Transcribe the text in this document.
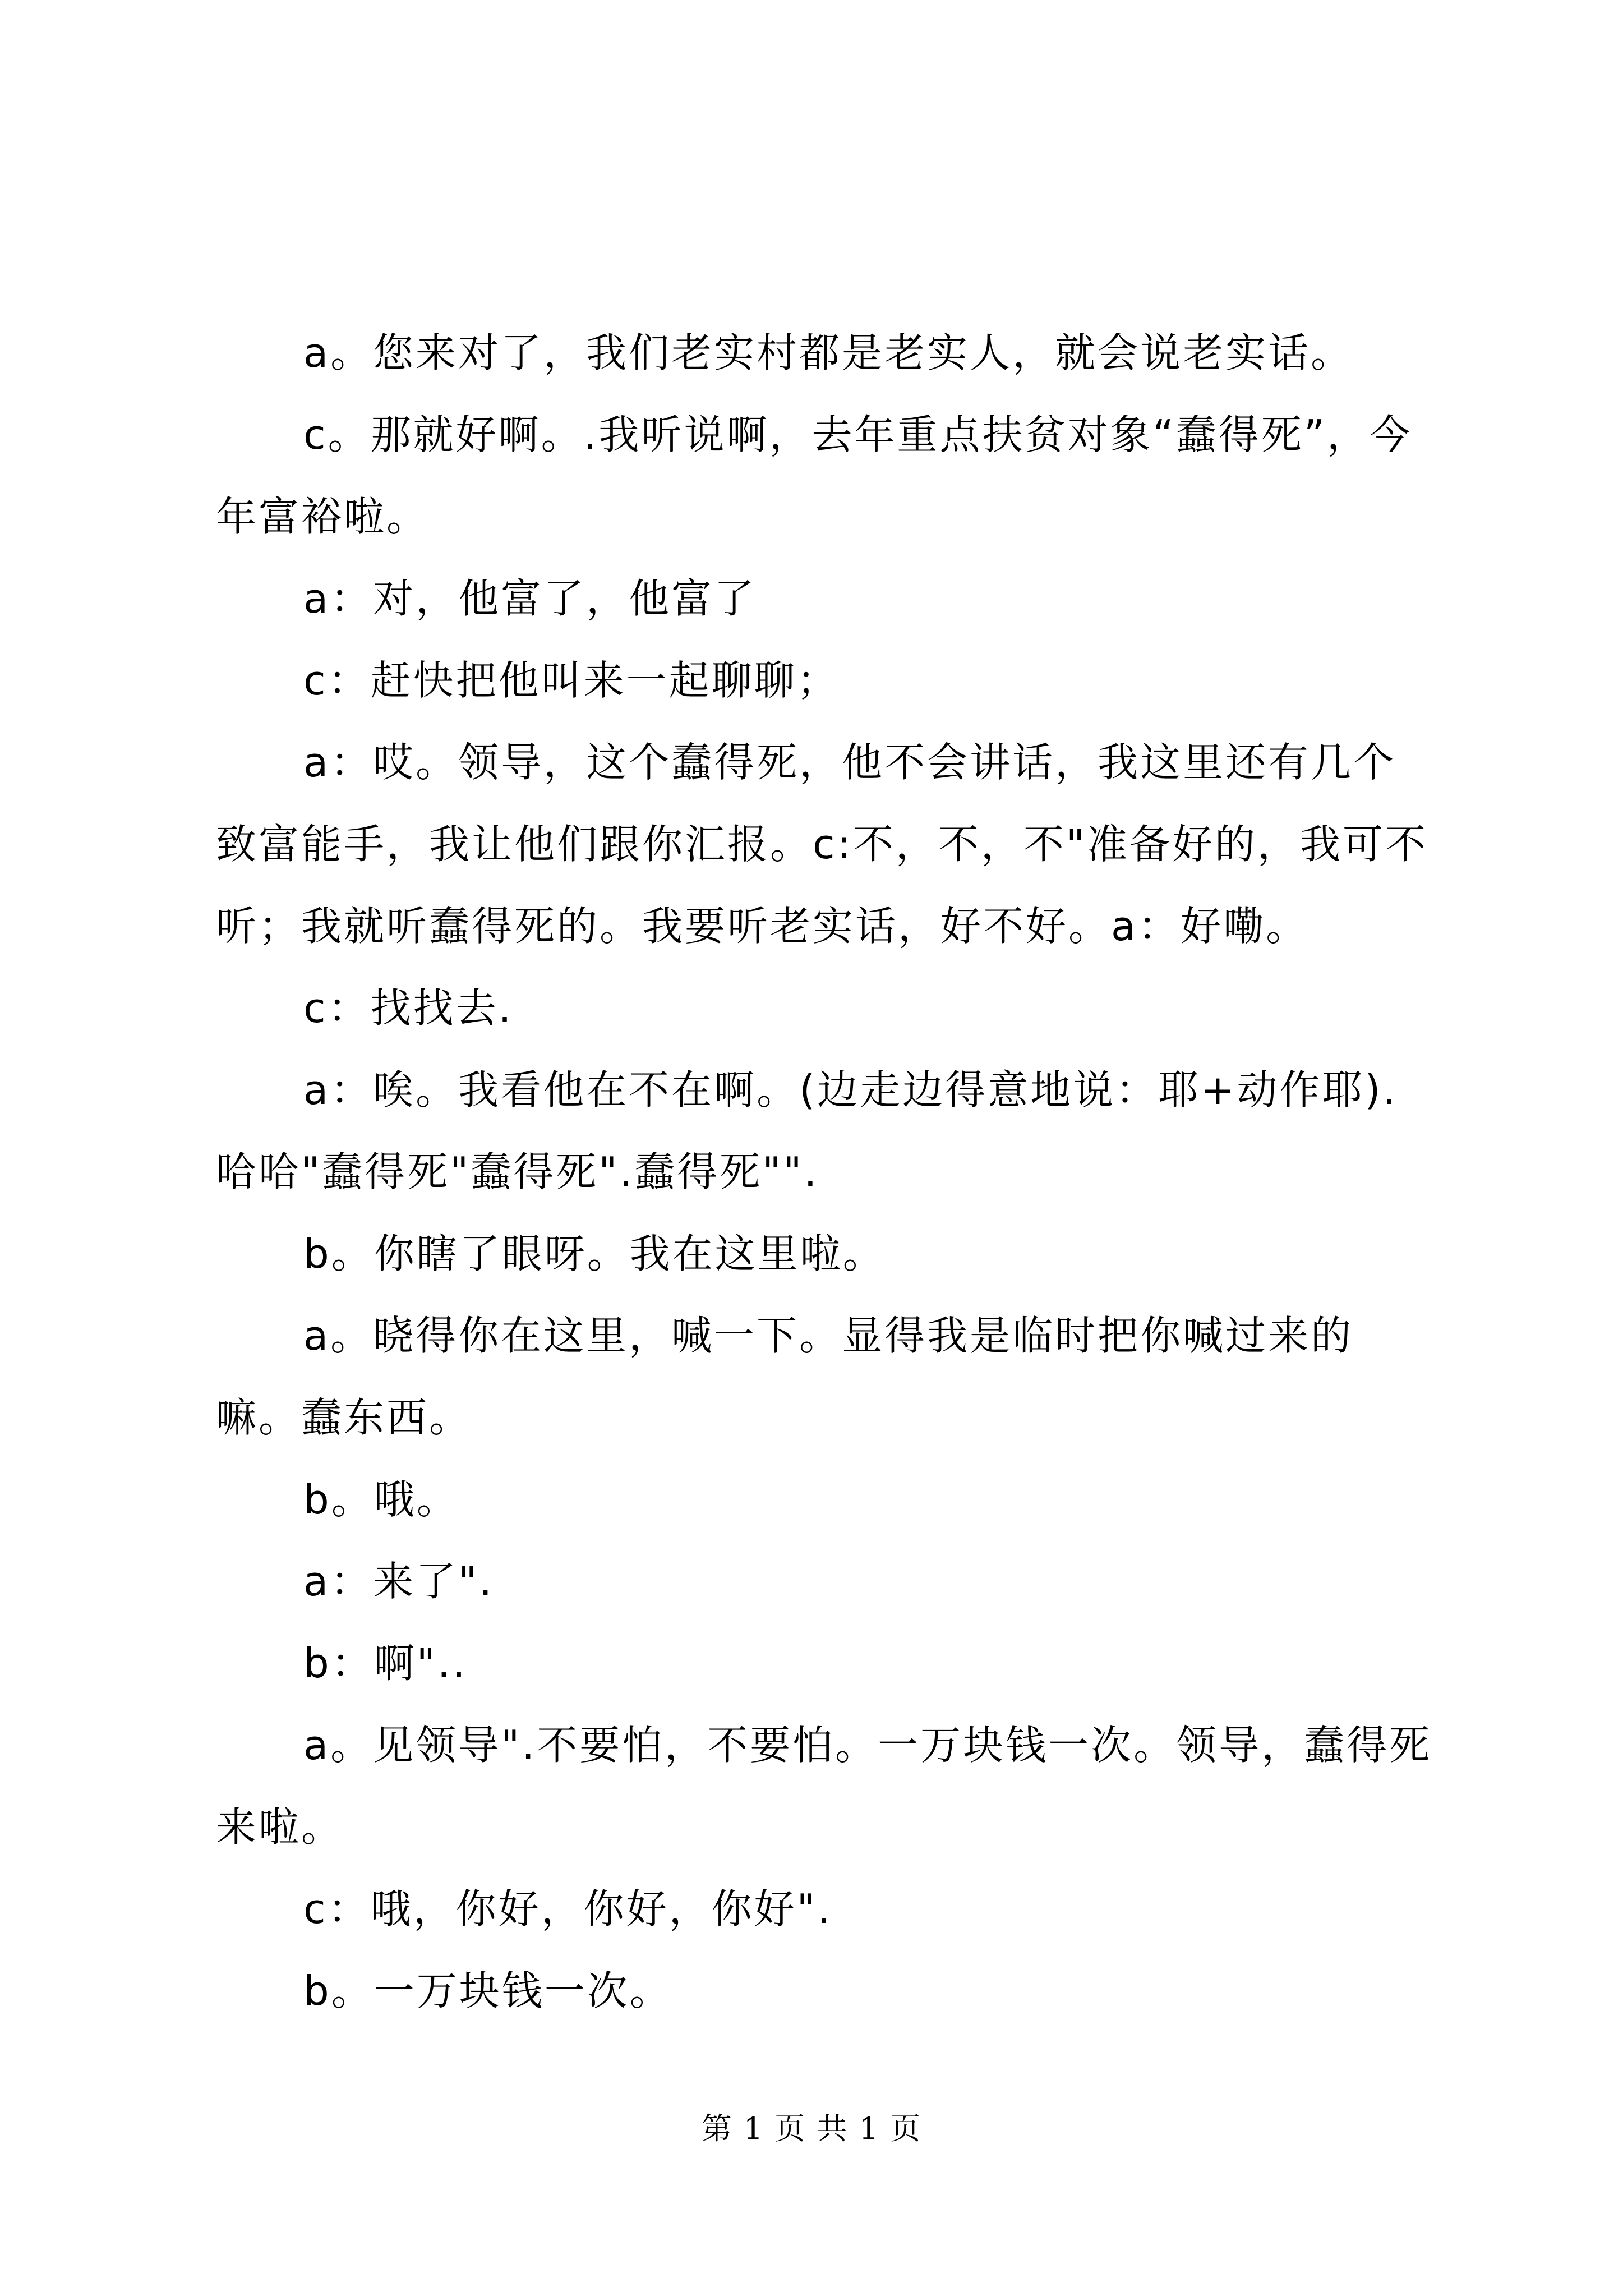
a。您来对了，我们老实村都是老实人，就会说老实话。

c。那就好啊。.我听说啊，去年重点扶贫对象“蠢得死”，今年富裕啦。

a：对，他富了，他富了

c：赶快把他叫来一起聊聊；

a：哎。领导，这个蠢得死，他不会讲话，我这里还有几个致富能手，我让他们跟你汇报。c:不，不，不"准备好的，我可不听；我就听蠢得死的。我要听老实话，好不好。a：好嘞。

c：找找去.

a：唉。我看他在不在啊。(边走边得意地说：耶+动作耶).哈哈"蠢得死"蠢得死".蠢得死"".

b。你瞎了眼呀。我在这里啦。

a。晓得你在这里，喊一下。显得我是临时把你喊过来的嘛。蠢东西。

b。哦。

a：来了".

b：啊"..

a。见领导".不要怕，不要怕。一万块钱一次。领导，蠢得死来啦。

c：哦，你好，你好，你好".

b。一万块钱一次。

第 1 页 共 1 页
